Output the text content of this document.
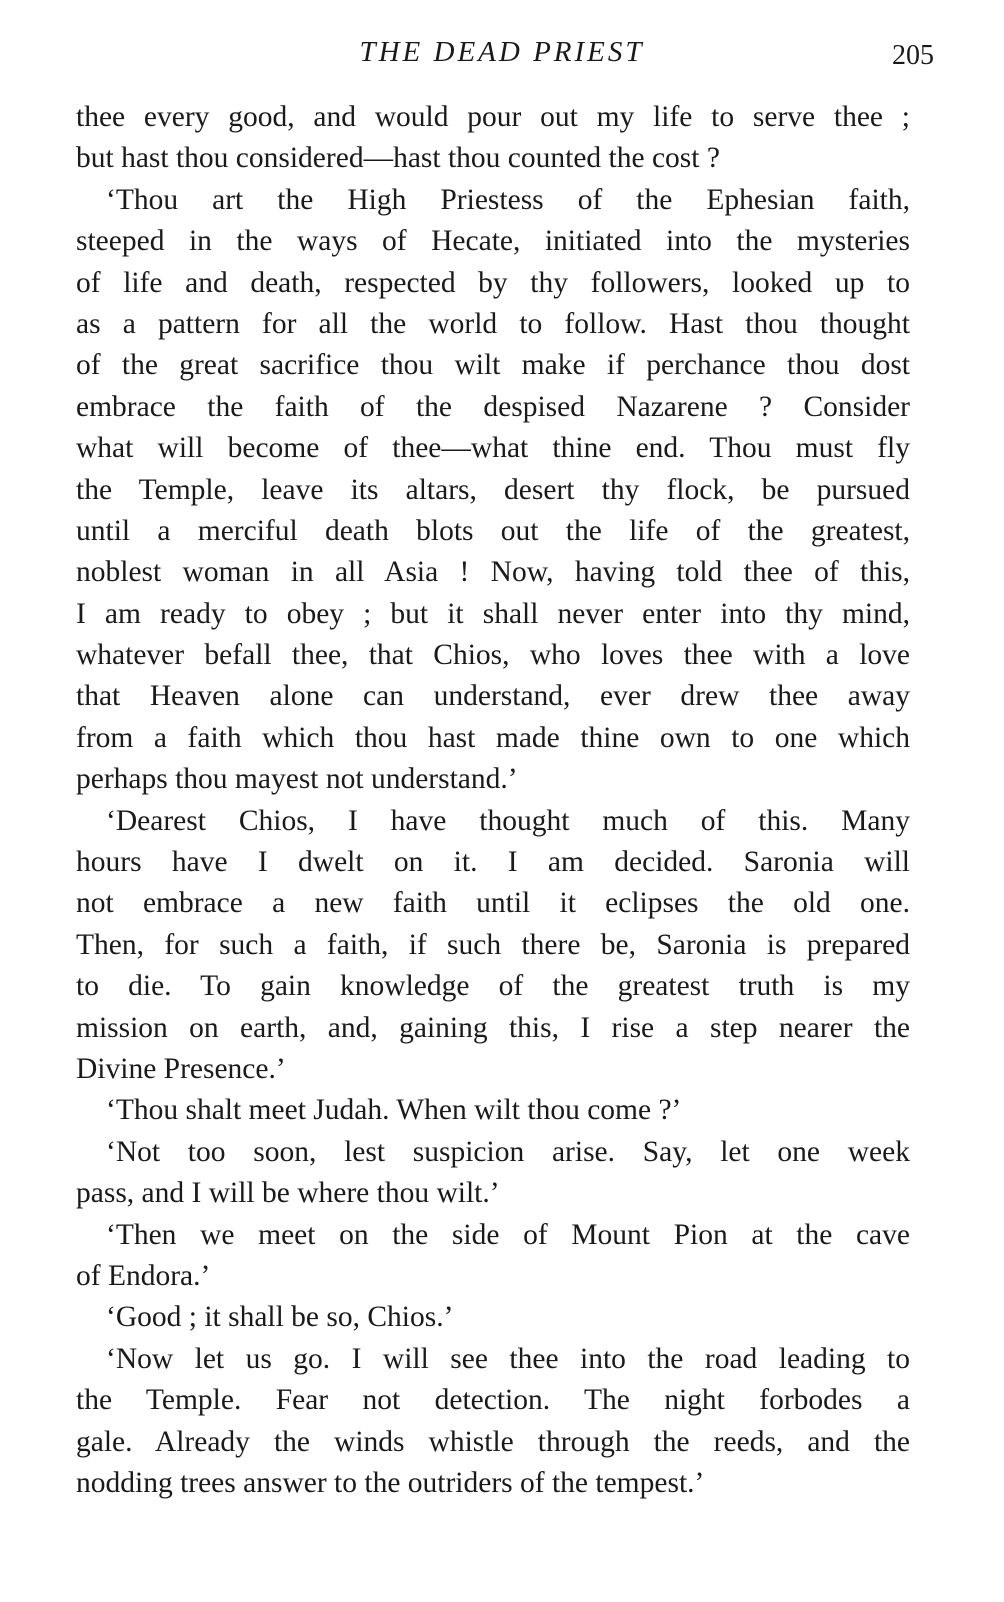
THE DEAD PRIEST	205
thee every good, and would pour out my life to serve thee ;
but hast thou considered—hast thou counted the cost ?
‘Thou art the High Priestess of the Ephesian faith,
steeped in the ways of Hecate, initiated into the mysteries
of life and death, respected by thy followers, looked up to
as a pattern for all the world to follow. Hast thou thought
of the great sacrifice thou wilt make if perchance thou dost
embrace the faith of the despised Nazarene ? Consider
what will become of thee—what thine end. Thou must fly
the Temple, leave its altars, desert thy flock, be pursued
until a merciful death blots out the life of the greatest,
noblest woman in all Asia ! Now, having told thee of this,
I am ready to obey ; but it shall never enter into thy mind,
whatever befall thee, that Chios, who loves thee with a love
that Heaven alone can understand, ever drew thee away
from a faith which thou hast made thine own to one which
perhaps thou mayest not understand.’
‘Dearest Chios, I have thought much of this. Many
hours have I dwelt on it. I am decided. Saronia will
not embrace a new faith until it eclipses the old one.
Then, for such a faith, if such there be, Saronia is prepared
to die. To gain knowledge of the greatest truth is my
mission on earth, and, gaining this, I rise a step nearer the
Divine Presence.’
‘Thou shalt meet Judah. When wilt thou come ?’
‘Not too soon, lest suspicion arise. Say, let one week
pass, and I will be where thou wilt.’
‘Then we meet on the side of Mount Pion at the cave
of Endora.’
‘Good ; it shall be so, Chios.’
‘Now let us go. I will see thee into the road leading to
the Temple. Fear not detection. The night forbodes a
gale. Already the winds whistle through the reeds, and the
nodding trees answer to the outriders of the tempest.’
